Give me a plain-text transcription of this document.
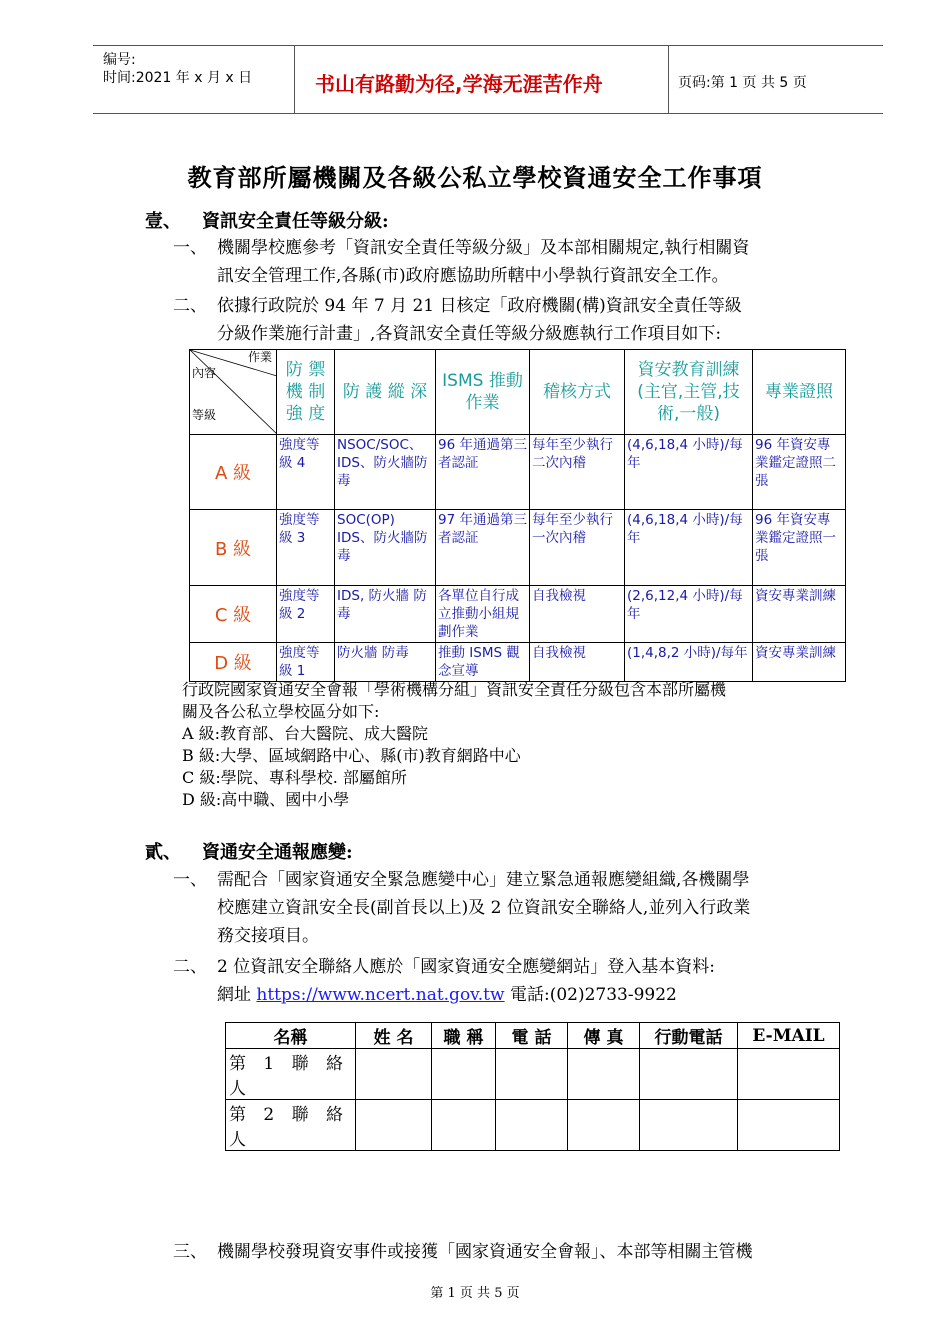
编号:
时间:2021 年 x 月 x 日	书山有路勤为径,学海无涯苦作舟	页码:第 1 页 共 5 页
教育部所屬機關及各級公私立學校資通安全工作事項
壹、 資訊安全責任等級分級:
一、 機關學校應參考「資訊安全責任等級分級」及本部相關規定,執行相關資
訊安全管理工作,各縣(市)政府應協助所轄中小學執行資訊安全工作。
二、 依據行政院於 94 年 7 月 21 日核定「政府機關(構)資訊安全責任等級
分級作業施行計畫」,各資訊安全責任等級分級應執行工作項目如下:
作業
內容
等級	防 禦 機 制 強 度	防 護 縱 深	ISMS 推動作業	稽核方式	資安教育訓練 (主官,主管,技術,一般)	專業證照
A 級	強度等級 4	NSOC/SOC、IDS、防火牆防毒	96 年通過第三者認証	每年至少執行二次內稽	(4,6,18,4 小時)/每年	96 年資安專業鑑定證照二張
B 級	強度等級 3	SOC(OP) IDS、防火牆防毒	97 年通過第三者認証	每年至少執行一次內稽	(4,6,18,4 小時)/每年	96 年資安專業鑑定證照一張
C 級	強度等級 2	IDS, 防火牆 防毒	各單位自行成立推動小組規劃作業	自我檢視	(2,6,12,4 小時)/每年	資安專業訓練
D 級	強度等級 1	防火牆 防毒	推動 ISMS 觀念宣導	自我檢視	(1,4,8,2 小時)/每年	資安專業訓練
行政院國家資通安全會報「學術機構分組」資訊安全責任分級包含本部所屬機
關及各公私立學校區分如下:
A 級:教育部、台大醫院、成大醫院
B 級:大學、區域網路中心、縣(市)教育網路中心
C 級:學院、專科學校. 部屬館所
D 級:高中職、國中小學
貳、 資通安全通報應變:
一、 需配合「國家資通安全緊急應變中心」建立緊急通報應變組織,各機關學
校應建立資訊安全長(副首長以上)及 2 位資訊安全聯絡人,並列入行政業
務交接項目。
二、 2 位資訊安全聯絡人應於「國家資通安全應變網站」登入基本資料:
網址 https://www.ncert.nat.gov.tw 電話:(02)2733-9922
名稱	姓 名	職 稱	電 話	傳 真	行動電話	E-MAIL
第 1 聯 絡 人						
第 2 聯 絡 人						
三、 機關學校發現資安事件或接獲「國家資通安全會報」、本部等相關主管機
第 1 页 共 5 页
